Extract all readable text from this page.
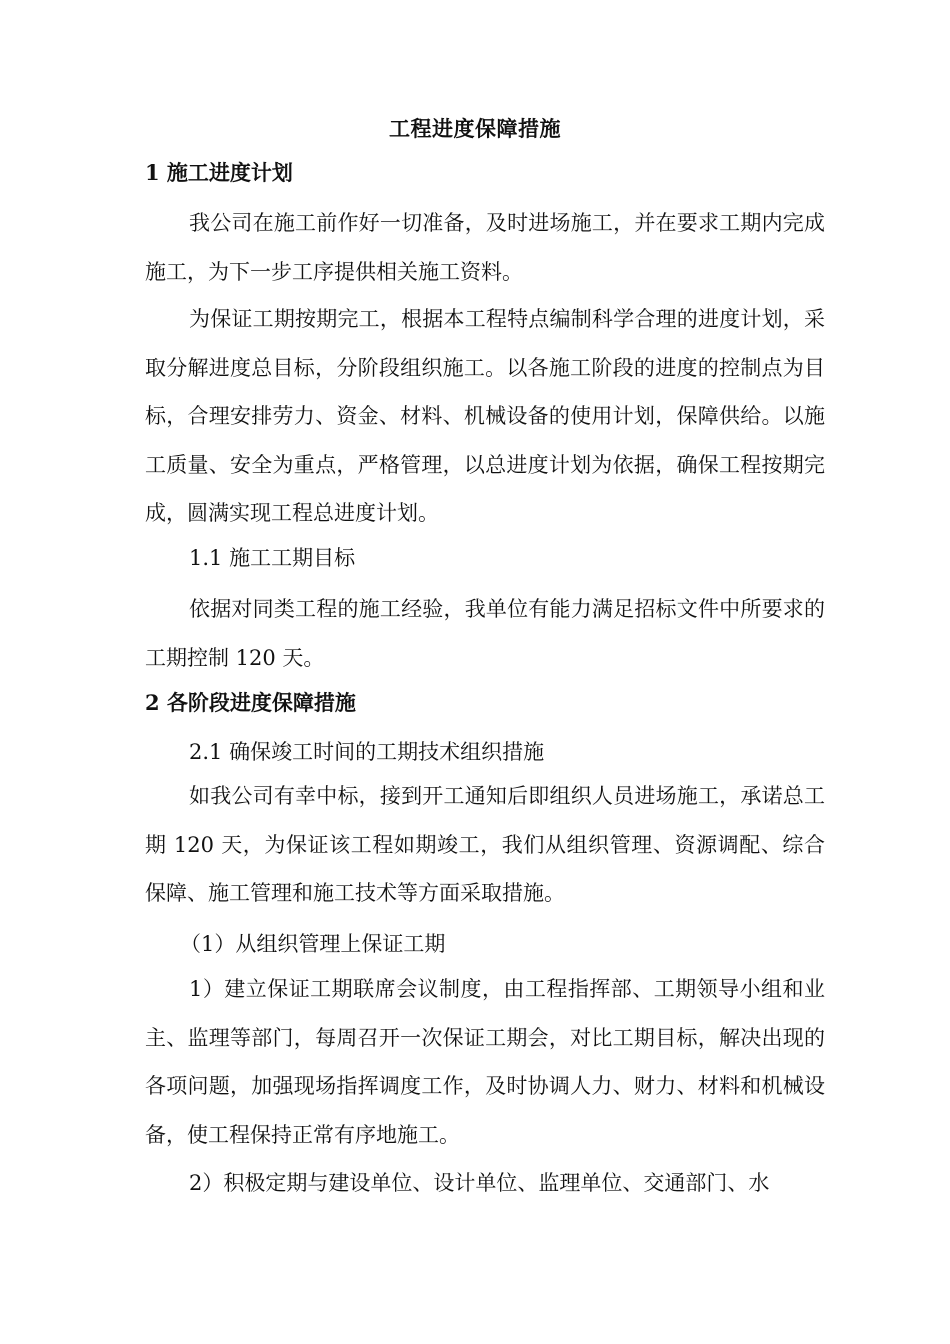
工程进度保障措施
1 施工进度计划

我公司在施工前作好一切准备，及时进场施工，并在要求工期内完成施工，为下一步工序提供相关施工资料。

为保证工期按期完工，根据本工程特点编制科学合理的进度计划，采取分解进度总目标，分阶段组织施工。以各施工阶段的进度的控制点为目标，合理安排劳力、资金、材料、机械设备的使用计划，保障供给。以施工质量、安全为重点，严格管理，以总进度计划为依据，确保工程按期完成，圆满实现工程总进度计划。

1.1 施工工期目标

依据对同类工程的施工经验，我单位有能力满足招标文件中所要求的工期控制 120 天。

2 各阶段进度保障措施
2.1 确保竣工时间的工期技术组织措施

如我公司有幸中标，接到开工通知后即组织人员进场施工，承诺总工期 120 天，为保证该工程如期竣工，我们从组织管理、资源调配、综合保障、施工管理和施工技术等方面采取措施。

（1）从组织管理上保证工期

1）建立保证工期联席会议制度，由工程指挥部、工期领导小组和业主、监理等部门，每周召开一次保证工期会，对比工期目标，解决出现的各项问题，加强现场指挥调度工作，及时协调人力、财力、材料和机械设备，使工程保持正常有序地施工。

2）积极定期与建设单位、设计单位、监理单位、交通部门、水
